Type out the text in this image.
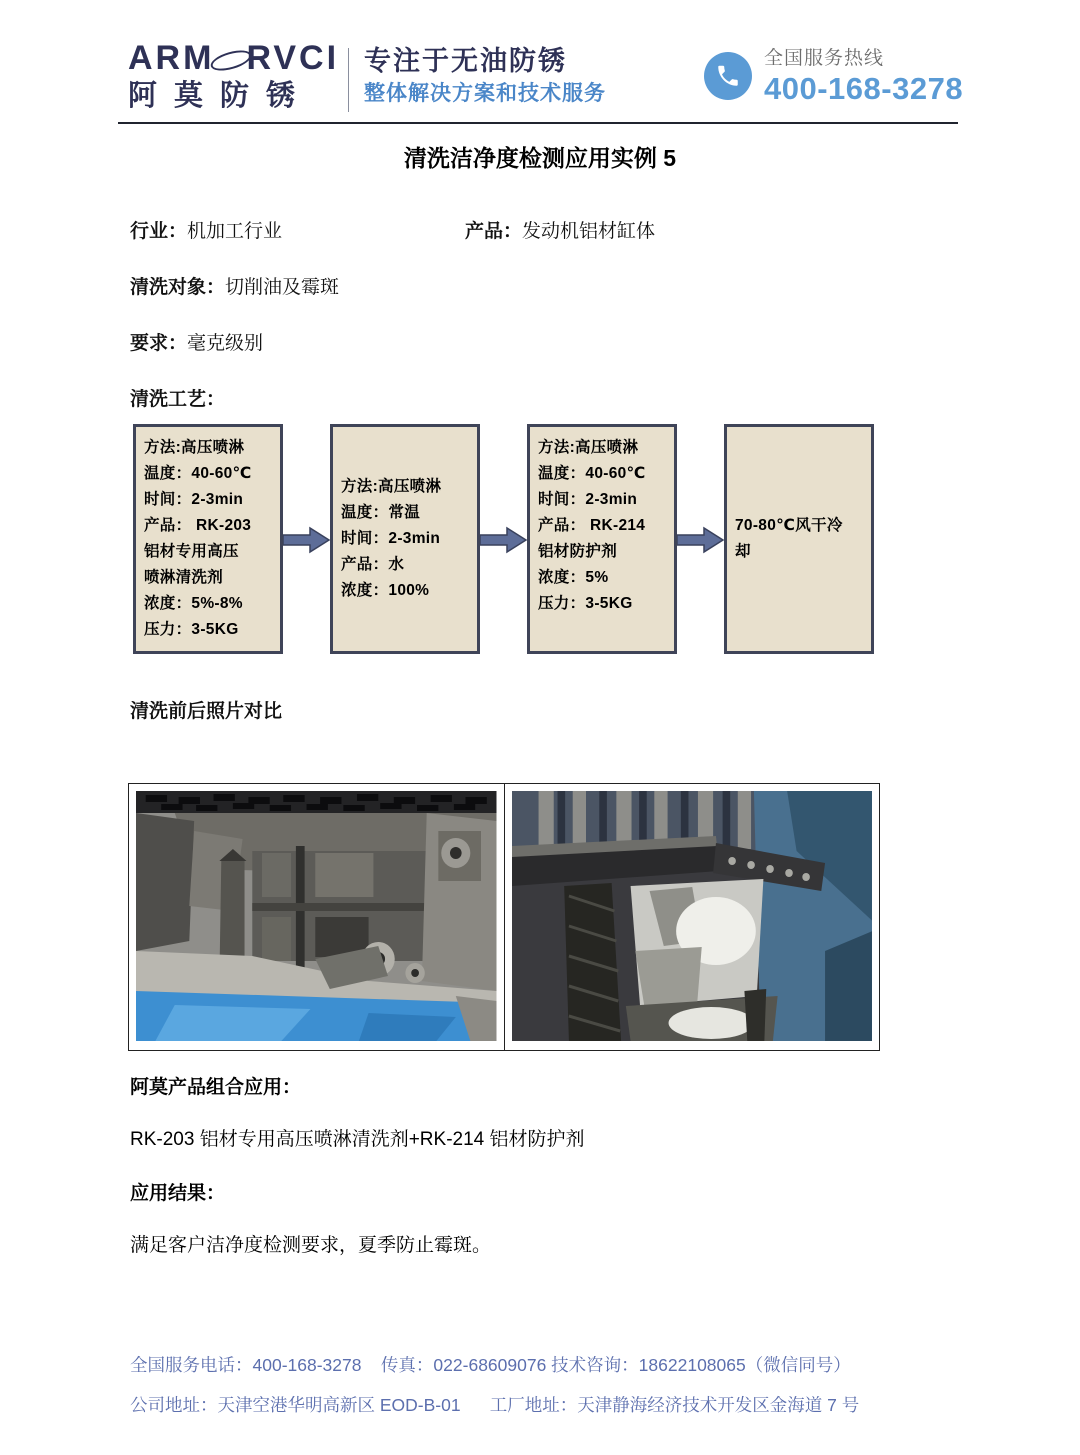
ARM RVCI
阿莫防锈
专注于无油防锈
整体解决方案和技术服务
全国服务热线
400-168-3278
清洗洁净度检测应用实例 5
行业：机加工行业	产品：发动机铝材缸体
清洗对象：切削油及霉斑
要求：毫克级别
清洗工艺：
方法:高压喷淋
温度：40-60℃
时间：2-3min
产品： RK-203
铝材专用高压
喷淋清洗剂
浓度：5%-8%
压力：3-5KG
方法:高压喷淋
温度：常温
时间：2-3min
产品：水
浓度：100%
方法:高压喷淋
温度：40-60℃
时间：2-3min
产品： RK-214
铝材防护剂
浓度：5%
压力：3-5KG
70-80℃风干冷
却
清洗前后照片对比
阿莫产品组合应用：
RK-203 铝材专用高压喷淋清洗剂+RK-214 铝材防护剂
应用结果：
满足客户洁净度检测要求，夏季防止霉斑。
全国服务电话：400-168-3278    传真：022-68609076 技术咨询：18622108065（微信同号）
公司地址：天津空港华明高新区 EOD-B-01      工厂地址：天津静海经济技术开发区金海道 7 号
